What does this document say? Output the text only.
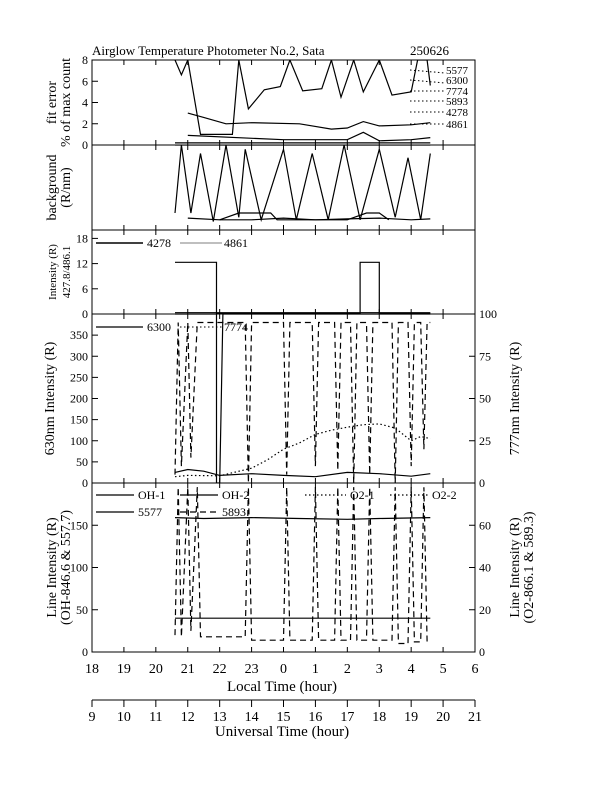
0
2
4
6
8
fit error % of max count
background (R/nm)
0
6
12
18
Intensity (R) 427.8/486.1
0
50
100
150
200
250
300
350
0
25
50
75
100
630nm Intensity (R)	777nm Intensity (R)
0
50
100
150
0
20
40
60
Line Intensity (R) (OH-846.6 & 557.7)	Line Intensity (R) (O2-866.1 & 589.3)
18 19 20 21 22 23 0 1 2 3 4 5 6
9 10 11 12 13 14 15 16 17 18 19 20 21
5577
6300
7774
5893
4278
4861
4278	4861
6300	7774
OH-1	OH-2	O2-1	O2-2
5577	5893
Airglow Temperature Photometer No.2, Sata	250626
Local Time (hour)
Universal Time (hour)
